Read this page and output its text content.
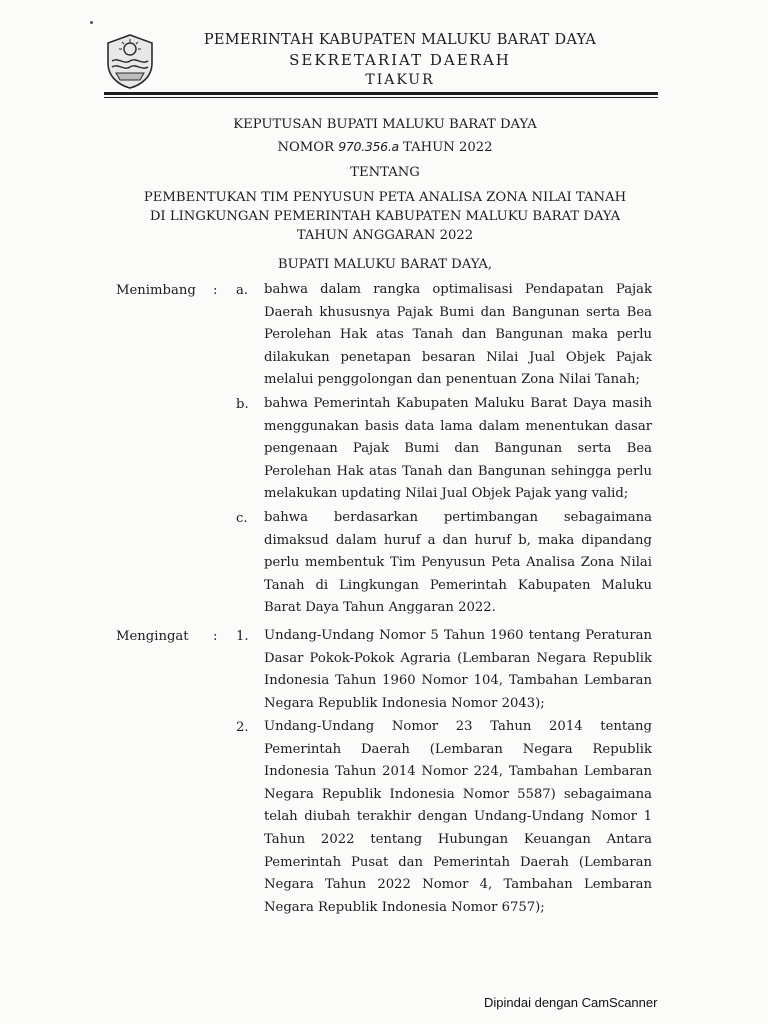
PEMERINTAH KABUPATEN MALUKU BARAT DAYA
SEKRETARIAT DAERAH
TIAKUR
KEPUTUSAN BUPATI MALUKU BARAT DAYA
NOMOR 970.356.a TAHUN 2022
TENTANG
PEMBENTUKAN TIM PENYUSUN PETA ANALISA ZONA NILAI TANAH
DI LINGKUNGAN PEMERINTAH KABUPATEN MALUKU BARAT DAYA
TAHUN ANGGARAN 2022
BUPATI MALUKU BARAT DAYA,
Menimbang : a. bahwa dalam rangka optimalisasi Pendapatan Pajak Daerah khususnya Pajak Bumi dan Bangunan serta Bea Perolehan Hak atas Tanah dan Bangunan maka perlu dilakukan penetapan besaran Nilai Jual Objek Pajak melalui penggolongan dan penentuan Zona Nilai Tanah;

b. bahwa Pemerintah Kabupaten Maluku Barat Daya masih menggunakan basis data lama dalam menentukan dasar pengenaan Pajak Bumi dan Bangunan serta Bea Perolehan Hak atas Tanah dan Bangunan sehingga perlu melakukan updating Nilai Jual Objek Pajak yang valid;

c. bahwa berdasarkan pertimbangan sebagaimana dimaksud dalam huruf a dan huruf b, maka dipandang perlu membentuk Tim Penyusun Peta Analisa Zona Nilai Tanah di Lingkungan Pemerintah Kabupaten Maluku Barat Daya Tahun Anggaran 2022.

Mengingat : 1. Undang-Undang Nomor 5 Tahun 1960 tentang Peraturan Dasar Pokok-Pokok Agraria (Lembaran Negara Republik Indonesia Tahun 1960 Nomor 104, Tambahan Lembaran Negara Republik Indonesia Nomor 2043);

2. Undang-Undang Nomor 23 Tahun 2014 tentang Pemerintah Daerah (Lembaran Negara Republik Indonesia Tahun 2014 Nomor 224, Tambahan Lembaran Negara Republik Indonesia Nomor 5587) sebagaimana telah diubah terakhir dengan Undang-Undang Nomor 1 Tahun 2022 tentang Hubungan Keuangan Antara Pemerintah Pusat dan Pemerintah Daerah (Lembaran Negara Tahun 2022 Nomor 4, Tambahan Lembaran Negara Republik Indonesia Nomor 6757);

Dipindai dengan CamScanner
